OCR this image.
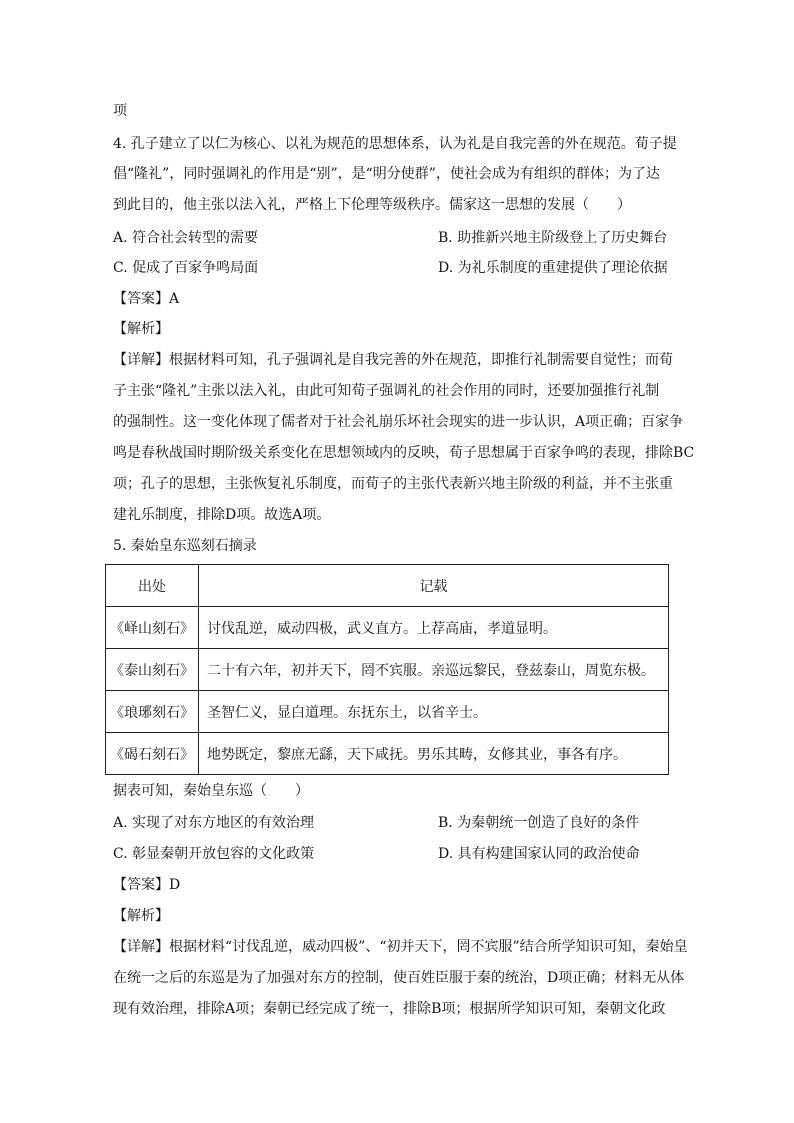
项
4. 孔子建立了以仁为核心、以礼为规范的思想体系，认为礼是自我完善的外在规范。荀子提
倡“隆礼”，同时强调礼的作用是“别”，是“明分使群”，使社会成为有组织的群体；为了达
到此目的，他主张以法入礼，严格上下伦理等级秩序。儒家这一思想的发展（　　）
A. 符合社会转型的需要	B. 助推新兴地主阶级登上了历史舞台
C. 促成了百家争鸣局面	D. 为礼乐制度的重建提供了理论依据
【答案】A
【解析】
【详解】根据材料可知，孔子强调礼是自我完善的外在规范，即推行礼制需要自觉性；而荀
子主张“隆礼”主张以法入礼，由此可知荀子强调礼的社会作用的同时，还要加强推行礼制
的强制性。这一变化体现了儒者对于社会礼崩乐坏社会现实的进一步认识，A项正确；百家争
鸣是春秋战国时期阶级关系变化在思想领域内的反映，荀子思想属于百家争鸣的表现，排除BC
项；孔子的思想，主张恢复礼乐制度，而荀子的主张代表新兴地主阶级的利益，并不主张重
建礼乐制度，排除D项。故选A项。
5. 秦始皇东巡刻石摘录
出处	记载
《峄山刻石》	讨伐乱逆，威动四极，武义直方。上荐高庙，孝道显明。
《泰山刻石》	二十有六年，初并天下，罔不宾服。亲巡远黎民，登兹泰山，周览东极。
《琅琊刻石》	圣智仁义，显白道理。东抚东土，以省辛士。
《碣石刻石》	地势既定，黎庶无繇，天下咸抚。男乐其畴，女修其业，事各有序。
据表可知，秦始皇东巡（　　）
A. 实现了对东方地区的有效治理	B. 为秦朝统一创造了良好的条件
C. 彰显秦朝开放包容的文化政策	D. 具有构建国家认同的政治使命
【答案】D
【解析】
【详解】根据材料“讨伐乱逆，威动四极”、“初并天下，罔不宾服”结合所学知识可知，秦始皇
在统一之后的东巡是为了加强对东方的控制，使百姓臣服于秦的统治，D项正确；材料无从体
现有效治理，排除A项；秦朝已经完成了统一，排除B项；根据所学知识可知，秦朝文化政
